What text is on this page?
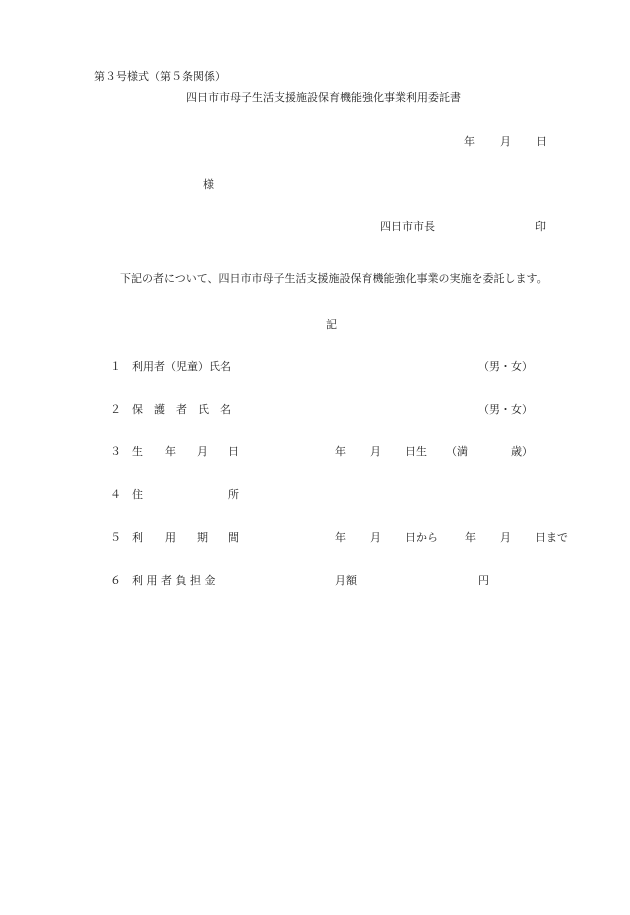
第３号様式（第５条関係）
四日市市母子生活支援施設保育機能強化事業利用委託書
年 月 日
様
四日市市長	印
下記の者について、四日市市母子生活支援施設保育機能強化事業の実施を委託します。
記
１ 利用者（児童）氏名	（男・女）
２ 保　護　者　氏　名	（男・女）
３ 生 年 月 日	年 月 日生 （満	歳）
４ 住	所
５ 利 用 期 間	年 月 日から 年 月 日まで
６ 利 用 者 負 担 金	月額	円
